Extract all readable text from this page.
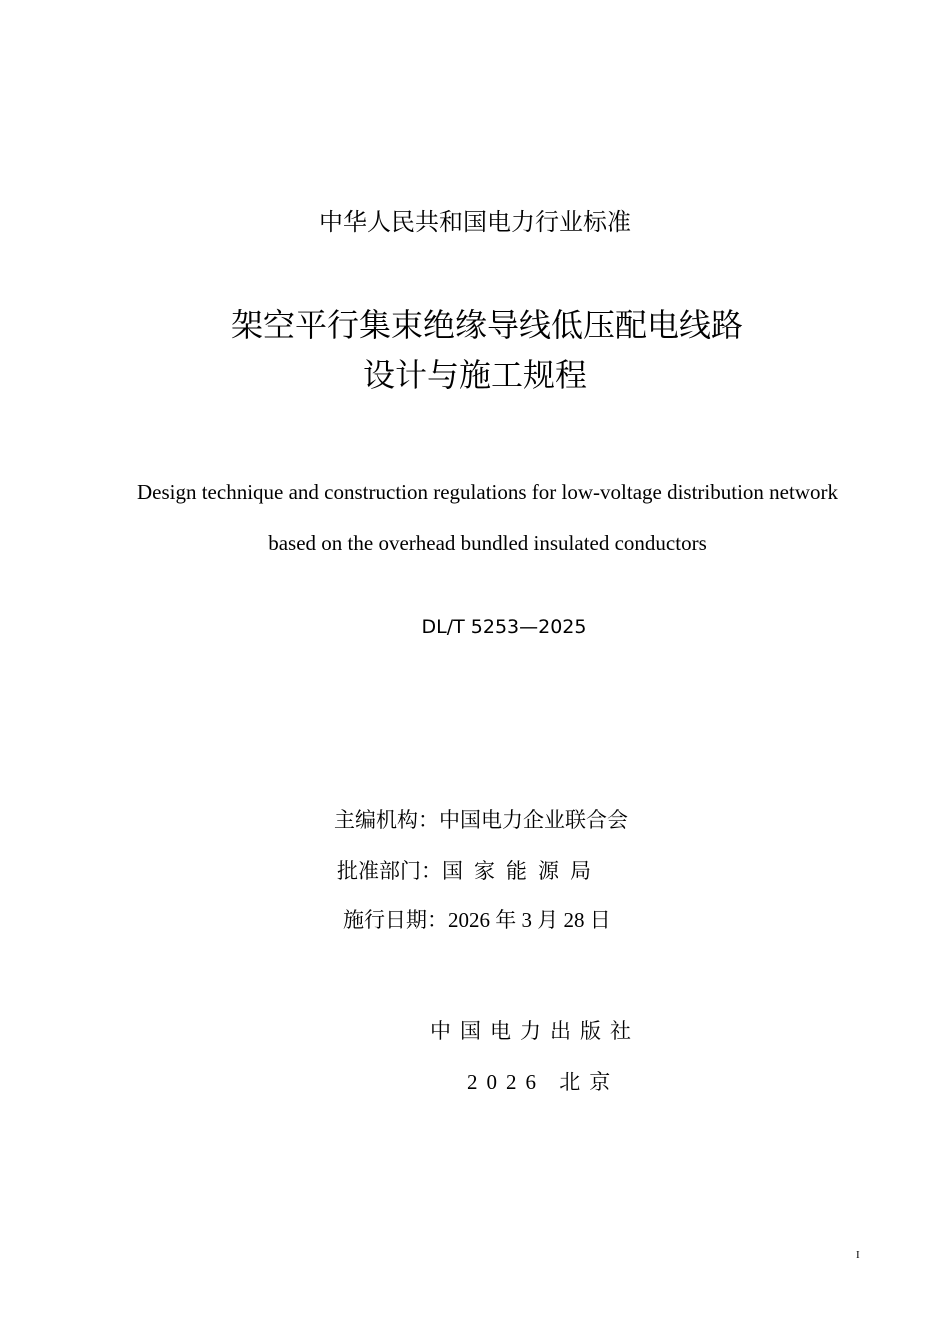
中华人民共和国电力行业标准
架空平行集束绝缘导线低压配电线路
设计与施工规程
Design technique and construction regulations for low-voltage distribution network
based on the overhead bundled insulated conductors
DL/T 5253—2025
主编机构：中国电力企业联合会
批准部门：国家能源局
施行日期：2026 年 3 月 28 日
中国电力出版社
2026 北京
I
